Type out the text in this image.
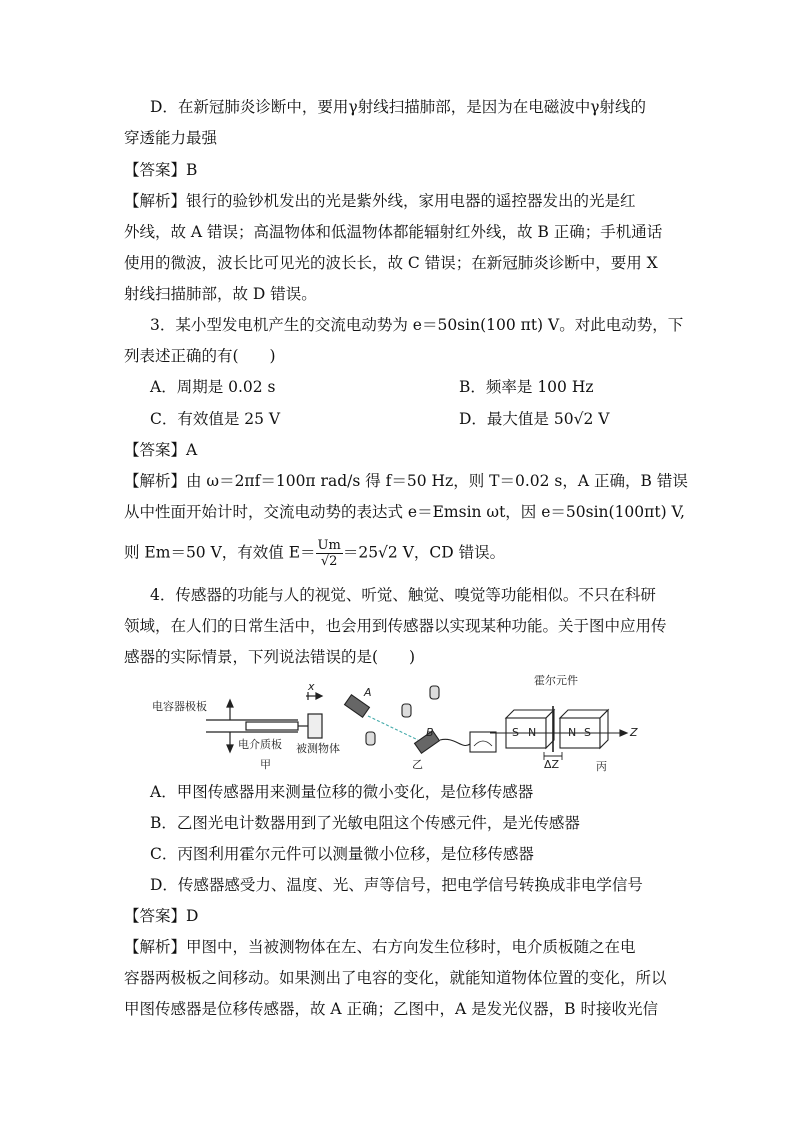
D．在新冠肺炎诊断中，要用γ射线扫描肺部，是因为在电磁波中γ射线的
穿透能力最强
【答案】B
【解析】银行的验钞机发出的光是紫外线，家用电器的遥控器发出的光是红
外线，故 A 错误；高温物体和低温物体都能辐射红外线，故 B 正确；手机通话
使用的微波，波长比可见光的波长长，故 C 错误；在新冠肺炎诊断中，要用 X
射线扫描肺部，故 D 错误。
3．某小型发电机产生的交流电动势为 e＝50sin(100 πt) V。对此电动势，下
列表述正确的有(　　)
A．周期是 0.02 s	B．频率是 100 Hz
C．有效值是 25 V	D．最大值是 50√2 V
【答案】A
【解析】由 ω＝2πf＝100π rad/s 得 f＝50 Hz，则 T＝0.02 s，A 正确，B 错误
从中性面开始计时，交流电动势的表达式 e＝Emsin ωt，因 e＝50sin(100πt) V,
则 Em＝50 V，有效值 $E= \frac{Um}{√2} =25√2$ V，CD 错误。
4．传感器的功能与人的视觉、听觉、触觉、嗅觉等功能相似。不只在科研
领域，在人们的日常生活中，也会用到传感器以实现某种功能。关于图中应用传
感器的实际情景，下列说法错误的是(　　)
电容器极板
电介质板 被测物体
x
甲
A
B
乙
霍尔元件
S N	N S	Z
ΔZ	丙
A．甲图传感器用来测量位移的微小变化，是位移传感器
B．乙图光电计数器用到了光敏电阻这个传感元件，是光传感器
C．丙图利用霍尔元件可以测量微小位移，是位移传感器
D．传感器感受力、温度、光、声等信号，把电学信号转换成非电学信号
【答案】D
【解析】甲图中，当被测物体在左、右方向发生位移时，电介质板随之在电
容器两极板之间移动。如果测出了电容的变化，就能知道物体位置的变化，所以
甲图传感器是位移传感器，故 A 正确；乙图中，A 是发光仪器，B 时接收光信
